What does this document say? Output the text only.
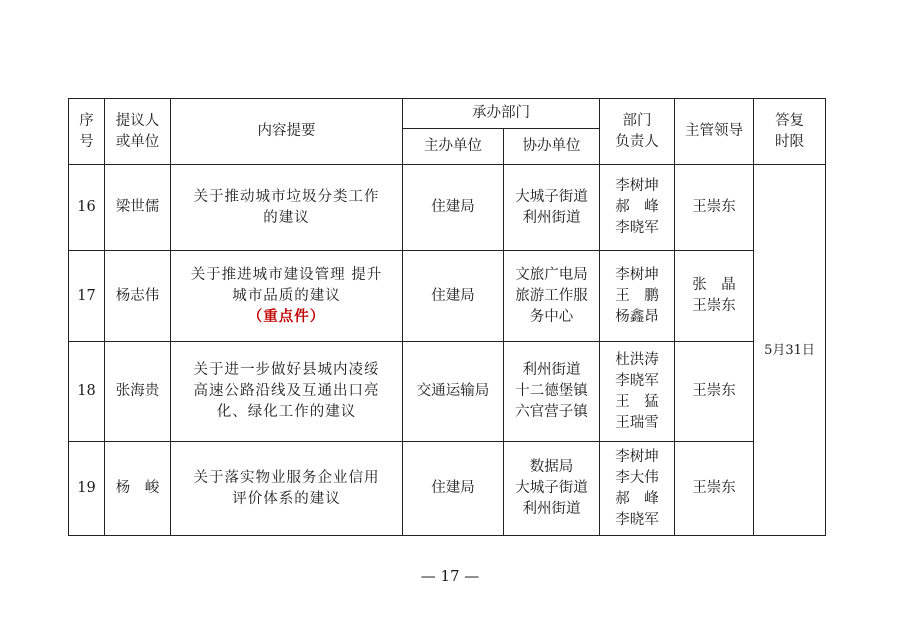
序
号	提议人
或单位	内容提要	承办部门		部门
负责人	主管领导	答复
时限

			主办单位	协办单位			
16	梁世儒	关于推动城市垃圾分类工作
的建议	住建局	大城子街道
利州街道	李树坤
郝　峰
李晓军	王崇东	5月31日
17	杨志伟	关于推进城市建设管理 提升
城市品质的建议
（重点件）	住建局	文旅广电局
旅游工作服
务中心	李树坤
王　鹏
杨鑫昂	张　晶
王崇东	

18	张海贵	关于进一步做好县城内凌绥
高速公路沿线及互通出口亮
化、绿化工作的建议	交通运输局	利州街道
十二德堡镇
六官营子镇	杜洪涛
李晓军
王　猛
王瑞雪	王崇东	

19	杨　峻	关于落实物业服务企业信用
评价体系的建议	住建局	数据局
大城子街道
利州街道	李树坤
李大伟
郝　峰
李晓军	王崇东	
— 17 —
